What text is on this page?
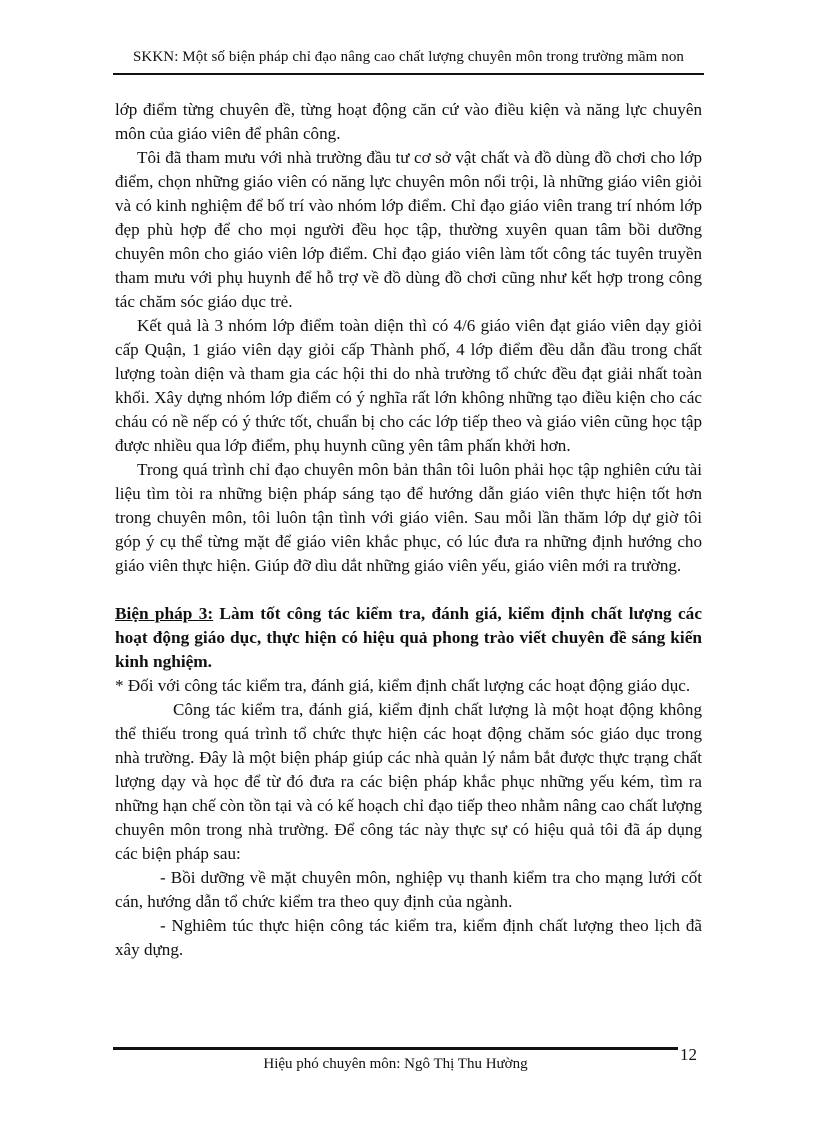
SKKN: Một số biện pháp chỉ đạo nâng cao chất lượng chuyên môn trong trường mầm non

lớp điểm từng chuyên đề, từng hoạt động căn cứ vào điều kiện và năng lực chuyên môn của giáo viên để phân công.

Tôi đã tham mưu với nhà trường đầu tư cơ sở vật chất và đồ dùng đồ chơi cho lớp điểm, chọn những giáo viên có năng lực chuyên môn nổi trội, là những giáo viên giỏi và có kinh nghiệm để bố trí vào nhóm lớp điểm. Chỉ đạo giáo viên trang trí nhóm lớp đẹp phù hợp để cho mọi người đều học tập, thường xuyên quan tâm bồi dưỡng chuyên môn cho giáo viên lớp điểm. Chỉ đạo giáo viên làm tốt công tác tuyên truyền tham mưu với phụ huynh để hỗ trợ về đồ dùng đồ chơi cũng như kết hợp trong công tác chăm sóc giáo dục trẻ.

Kết quả là 3 nhóm lớp điểm toàn diện thì có 4/6 giáo viên đạt giáo viên dạy giỏi cấp Quận, 1 giáo viên dạy giỏi cấp Thành phố, 4 lớp điểm đều dẫn đầu trong chất lượng toàn diện và tham gia các hội thi do nhà trường tổ chức đều đạt giải nhất toàn khối. Xây dựng nhóm lớp điểm có ý nghĩa rất lớn không những tạo điều kiện cho các cháu có nề nếp có ý thức tốt, chuẩn bị cho các lớp tiếp theo và giáo viên cũng học tập được nhiều qua lớp điểm, phụ huynh cũng yên tâm phấn khởi hơn.

Trong quá trình chỉ đạo chuyên môn bản thân tôi luôn phải học tập nghiên cứu tài liệu tìm tòi ra những biện pháp sáng tạo để hướng dẫn giáo viên thực hiện tốt hơn trong chuyên môn, tôi luôn tận tình với giáo viên. Sau mỗi lần thăm lớp dự giờ tôi góp ý cụ thể từng mặt để giáo viên khắc phục, có lúc đưa ra những định hướng cho giáo viên thực hiện. Giúp đỡ dìu dắt những giáo viên yếu, giáo viên mới ra trường.

Biện pháp 3: Làm tốt công tác kiểm tra, đánh giá, kiểm định chất lượng các hoạt động giáo dục, thực hiện có hiệu quả phong trào viết chuyên đề sáng kiến kinh nghiệm.

* Đối với công tác kiểm tra, đánh giá, kiểm định chất lượng các hoạt động giáo dục.

Công tác kiểm tra, đánh giá, kiểm định chất lượng là một hoạt động không thể thiếu trong quá trình tổ chức thực hiện các hoạt động chăm sóc giáo dục trong nhà trường. Đây là một biện pháp giúp các nhà quản lý nắm bắt được thực trạng chất lượng dạy và học để từ đó đưa ra các biện pháp khắc phục những yếu kém, tìm ra những hạn chế còn tồn tại và có kế hoạch chỉ đạo tiếp theo nhằm nâng cao chất lượng chuyên môn trong nhà trường. Để công tác này thực sự có hiệu quả tôi đã áp dụng các biện pháp sau:

- Bồi dưỡng về mặt chuyên môn, nghiệp vụ thanh kiểm tra cho mạng lưới cốt cán, hướng dẫn tổ chức kiểm tra theo quy định của ngành.

- Nghiêm túc thực hiện công tác kiểm tra, kiểm định chất lượng theo lịch đã xây dựng.

Hiệu phó chuyên môn: Ngô Thị Thu Hường	12
